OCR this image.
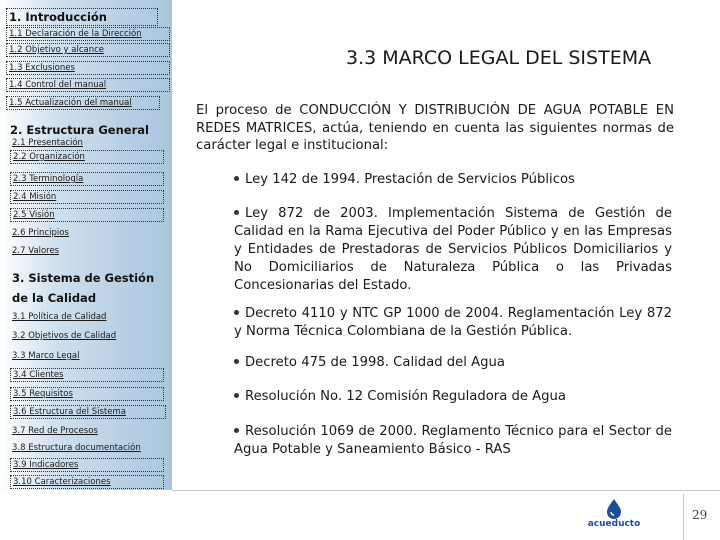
1. Introducción
1.1 Declaración de la Dirección
1.2 Objetivo y alcance
1.3 Exclusiones
1.4 Control del manual
1.5 Actualización del manual
2. Estructura General
2.1 Presentación
2.2 Organización
2.3 Terminología
2.4 Misión
2.5 Visión
2.6 Principios
2.7 Valores
3. Sistema de Gestión
de la Calidad
3.1 Política de Calidad
3.2 Objetivos de Calidad
3.3 Marco Legal
3.4 Clientes
3.5 Requisitos
3.6 Estructura del Sistema
3.7 Red de Procesos
3.8 Estructura documentación
3.9 Indicadores
3.10 Caracterizaciones
3.3 MARCO LEGAL DEL SISTEMA

El proceso de CONDUCCIÓN Y DISTRIBUCIÓN DE AGUA POTABLE EN REDES MATRICES, actúa, teniendo en cuenta las siguientes normas de carácter legal e institucional:

Ley 142 de 1994. Prestación de Servicios Públicos
Ley 872 de 2003. Implementación Sistema de Gestión de Calidad en la Rama Ejecutiva del Poder Público y en las Empresas y Entidades de Prestadoras de Servicios Públicos Domiciliarios y No Domiciliarios de Naturaleza Pública o las Privadas Concesionarias del Estado.
Decreto 4110 y NTC GP 1000 de 2004. Reglamentación Ley 872 y Norma Técnica Colombiana de la Gestión Pública.
Decreto 475 de 1998. Calidad del Agua
Resolución No. 12 Comisión Reguladora de Agua
Resolución 1069 de 2000. Reglamento Técnico para el Sector de Agua Potable y Saneamiento Básico - RAS
acueducto
29
